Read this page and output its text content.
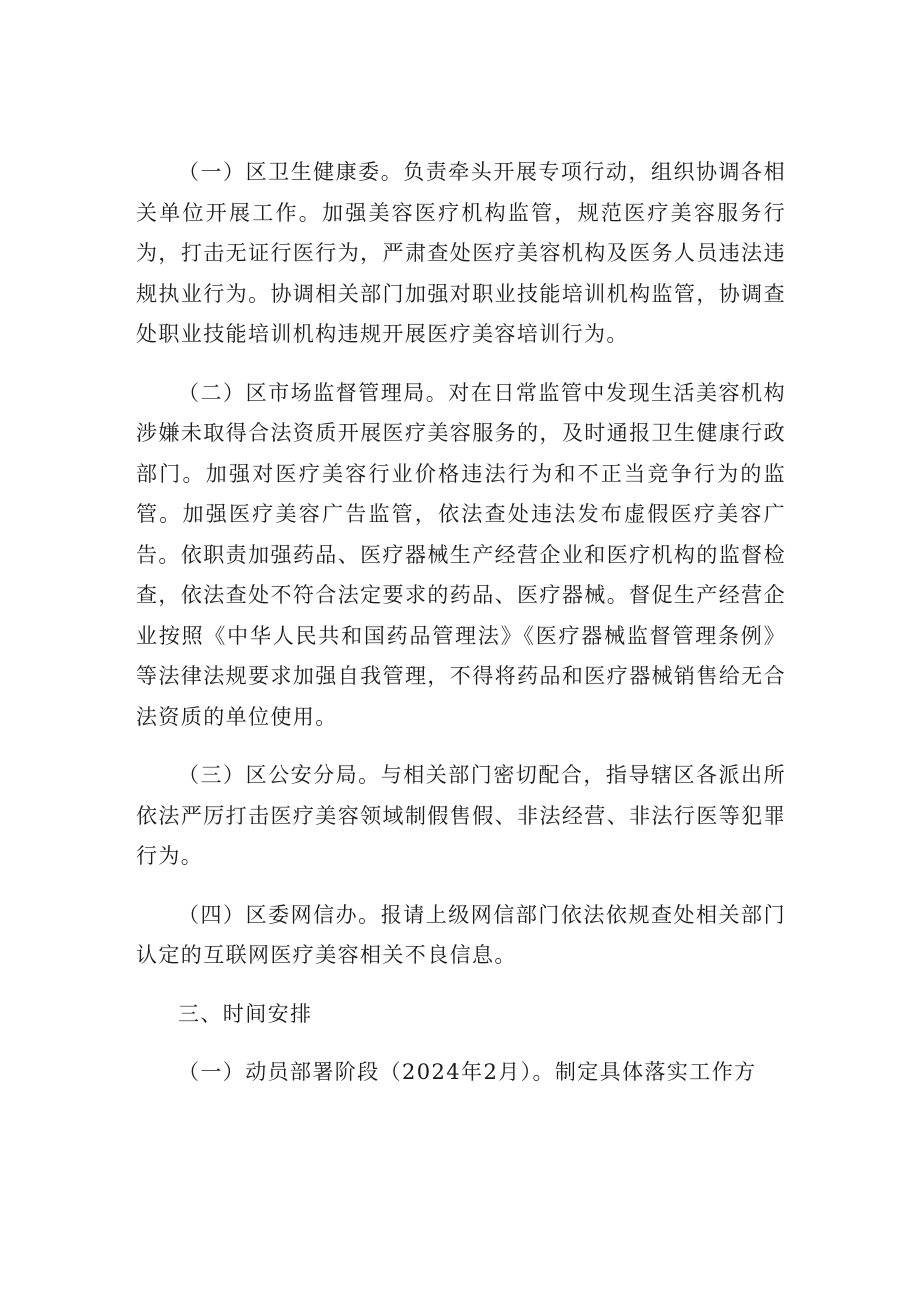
（一）区卫生健康委。负责牵头开展专项行动，组织协调各相关单位开展工作。加强美容医疗机构监管，规范医疗美容服务行为，打击无证行医行为，严肃查处医疗美容机构及医务人员违法违规执业行为。协调相关部门加强对职业技能培训机构监管，协调查处职业技能培训机构违规开展医疗美容培训行为。

（二）区市场监督管理局。对在日常监管中发现生活美容机构涉嫌未取得合法资质开展医疗美容服务的，及时通报卫生健康行政部门。加强对医疗美容行业价格违法行为和不正当竞争行为的监管。加强医疗美容广告监管，依法查处违法发布虚假医疗美容广告。依职责加强药品、医疗器械生产经营企业和医疗机构的监督检查，依法查处不符合法定要求的药品、医疗器械。督促生产经营企业按照《中华人民共和国药品管理法》《医疗器械监督管理条例》等法律法规要求加强自我管理，不得将药品和医疗器械销售给无合法资质的单位使用。

（三）区公安分局。与相关部门密切配合，指导辖区各派出所依法严厉打击医疗美容领域制假售假、非法经营、非法行医等犯罪行为。

（四）区委网信办。报请上级网信部门依法依规查处相关部门认定的互联网医疗美容相关不良信息。

三、时间安排

（一）动员部署阶段（2024年2月）。制定具体落实工作方
